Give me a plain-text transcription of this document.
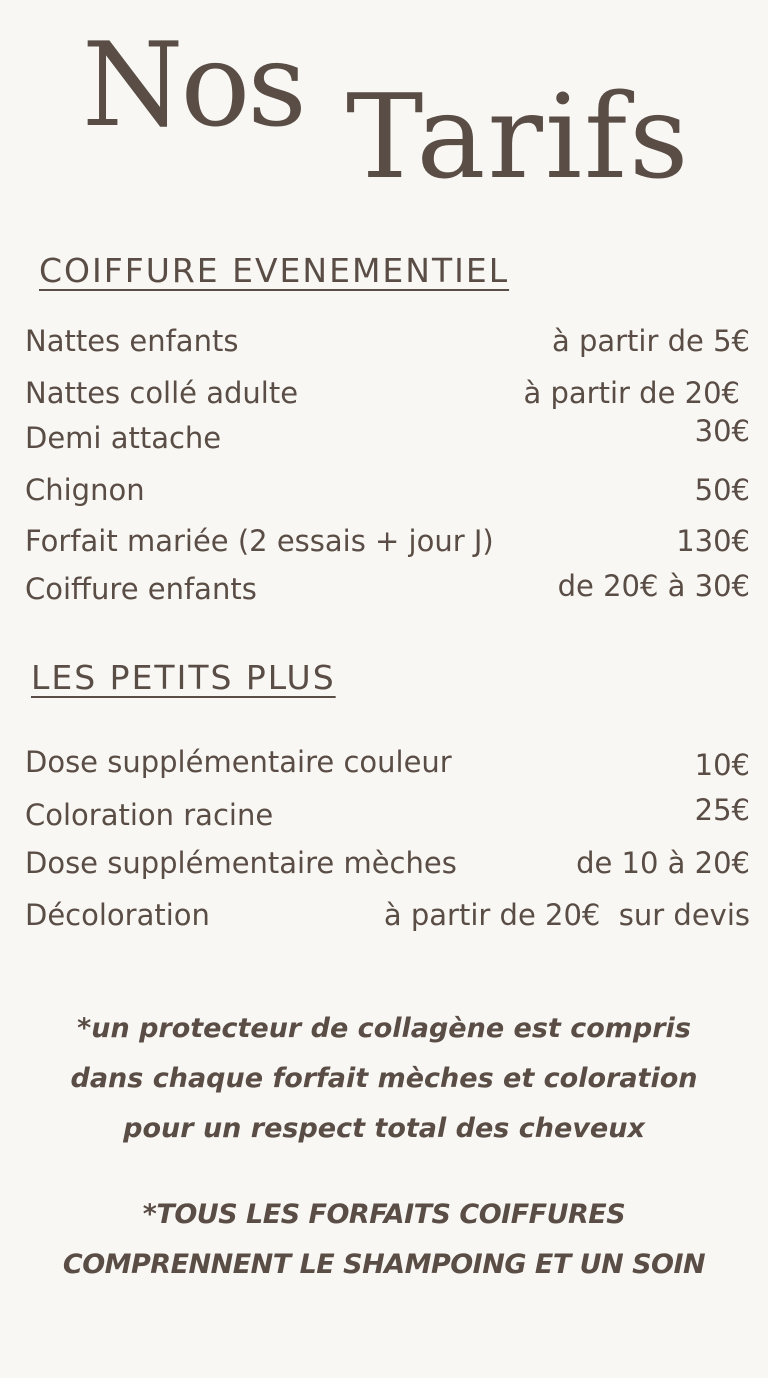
Nos Tarifs
COIFFURE EVENEMENTIEL
Nattes enfants	à partir de 5€
Nattes collé adulte	à partir de 20€
Demi attache	30€
Chignon	50€
Forfait mariée (2 essais + jour J)	130€
Coiffure enfants	de 20€ à 30€
LES PETITS PLUS
Dose supplémentaire couleur	10€
Coloration racine	25€
Dose supplémentaire mèches	de 10 à 20€
Décoloration	à partir de 20€  sur devis
*un protecteur de collagène est compris
dans chaque forfait mèches et coloration
pour un respect total des cheveux
*TOUS LES FORFAITS COIFFURES
COMPRENNENT LE SHAMPOING ET UN SOIN
